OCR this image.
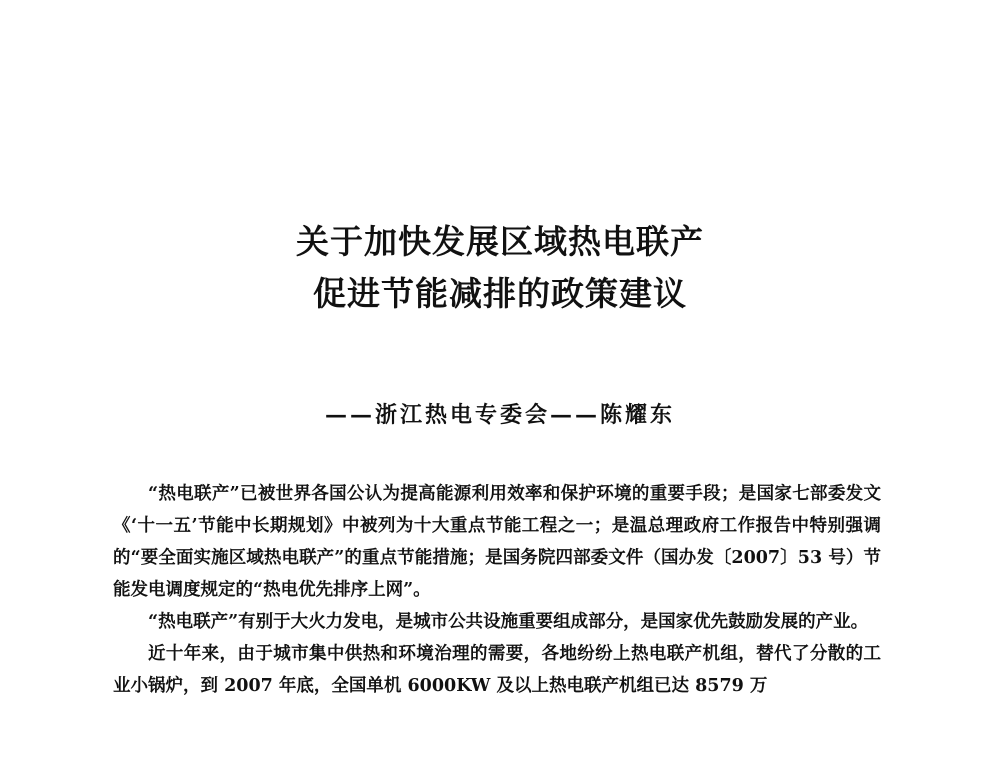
关于加快发展区域热电联产
促进节能减排的政策建议
——浙江热电专委会——陈耀东

“热电联产”已被世界各国公认为提高能源利用效率和保护环境的重要手段；是国家七部委发文《‘十一五’节能中长期规划》中被列为十大重点节能工程之一；是温总理政府工作报告中特别强调的“要全面实施区域热电联产”的重点节能措施；是国务院四部委文件（国办发〔2007〕53 号）节能发电调度规定的“热电优先排序上网”。

“热电联产”有别于大火力发电，是城市公共设施重要组成部分，是国家优先鼓励发展的产业。

近十年来，由于城市集中供热和环境治理的需要，各地纷纷上热电联产机组，替代了分散的工业小锅炉，到 2007 年底，全国单机 6000KW 及以上热电联产机组已达 8579 万
